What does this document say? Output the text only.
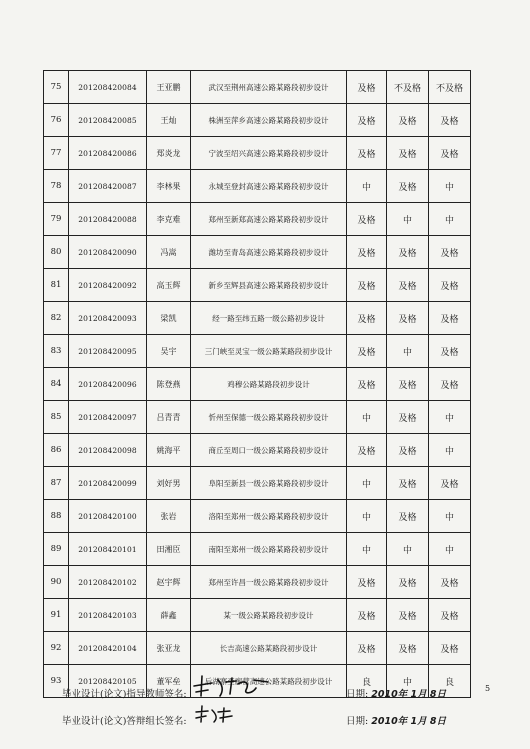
75	201208420084	王亚鹏	武汉至荆州高速公路某路段初步设计	及格	不及格	不及格
76	201208420085	王灿	株洲至萍乡高速公路某路段初步设计	及格	及格	及格
77	201208420086	郑炎龙	宁波至绍兴高速公路某路段初步设计	及格	及格	及格
78	201208420087	李林果	永城至登封高速公路某路段初步设计	中	及格	中
79	201208420088	李克难	郑州至新郑高速公路某路段初步设计	及格	中	中
80	201208420090	冯嵩	潍坊至青岛高速公路某路段初步设计	及格	及格	及格
81	201208420092	高玉辉	新乡至辉县高速公路某路段初步设计	及格	及格	及格
82	201208420093	梁凯	经一路至纬五路一级公路初步设计	及格	及格	及格
83	201208420095	吴宇	三门峡至灵宝一级公路某路段初步设计	及格	中	及格
84	201208420096	陈登燕	鸡穆公路某路段初步设计	及格	及格	及格
85	201208420097	吕青青	忻州至保德一级公路某路段初步设计	中	及格	中
86	201208420098	姚海平	商丘至周口一级公路某路段初步设计	及格	及格	中
87	201208420099	刘好男	阜阳至新县一级公路某路段初步设计	中	及格	及格
88	201208420100	张岩	洛阳至郑州一级公路某路段初步设计	中	及格	中
89	201208420101	田湘臣	南阳至郑州一级公路某路段初步设计	中	中	中
90	201208420102	赵宇辉	郑州至许昌一级公路某路段初步设计	及格	及格	及格
91	201208420103	薛鑫	某一级公路某路段初步设计	及格	及格	及格
92	201208420104	张亚龙	长吉高速公路某路段初步设计	及格	及格	及格
93	201208420105	董军垒	后湖寨至廊营高速公路某路段初步设计	良	中	良
毕业设计(论文)指导教师签名:	日期: 2010年 1月 8日
毕业设计(论文)答辩组长签名:	日期: 2010年 1月 8日
5
